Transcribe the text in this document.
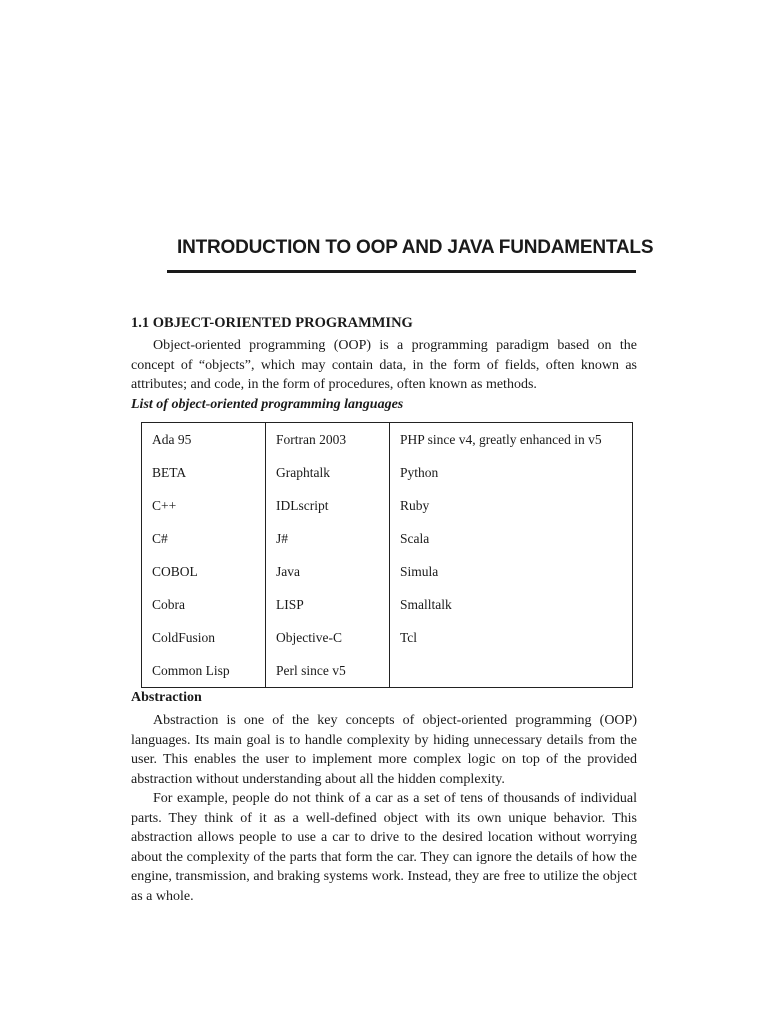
INTRODUCTION TO OOP AND JAVA FUNDAMENTALS
1.1 OBJECT-ORIENTED PROGRAMMING

Object-oriented programming (OOP) is a programming paradigm based on the concept of “objects”, which may contain data, in the form of fields, often known as attributes; and code, in the form of procedures, often known as methods.

List of object-oriented programming languages
Ada 95	Fortran 2003	PHP since v4, greatly enhanced in v5
BETA	Graphtalk	Python
C++	IDLscript	Ruby
C#	J#	Scala
COBOL	Java	Simula
Cobra	LISP	Smalltalk
ColdFusion	Objective-C	Tcl
Common Lisp	Perl since v5	
Abstraction

Abstraction is one of the key concepts of object-oriented programming (OOP) languages. Its main goal is to handle complexity by hiding unnecessary details from the user. This enables the user to implement more complex logic on top of the provided abstraction without understanding about all the hidden complexity.

For example, people do not think of a car as a set of tens of thousands of individual parts. They think of it as a well-defined object with its own unique behavior. This abstraction allows people to use a car to drive to the desired location without worrying about the complexity of the parts that form the car. They can ignore the details of how the engine, transmission, and braking systems work. Instead, they are free to utilize the object as a whole.
